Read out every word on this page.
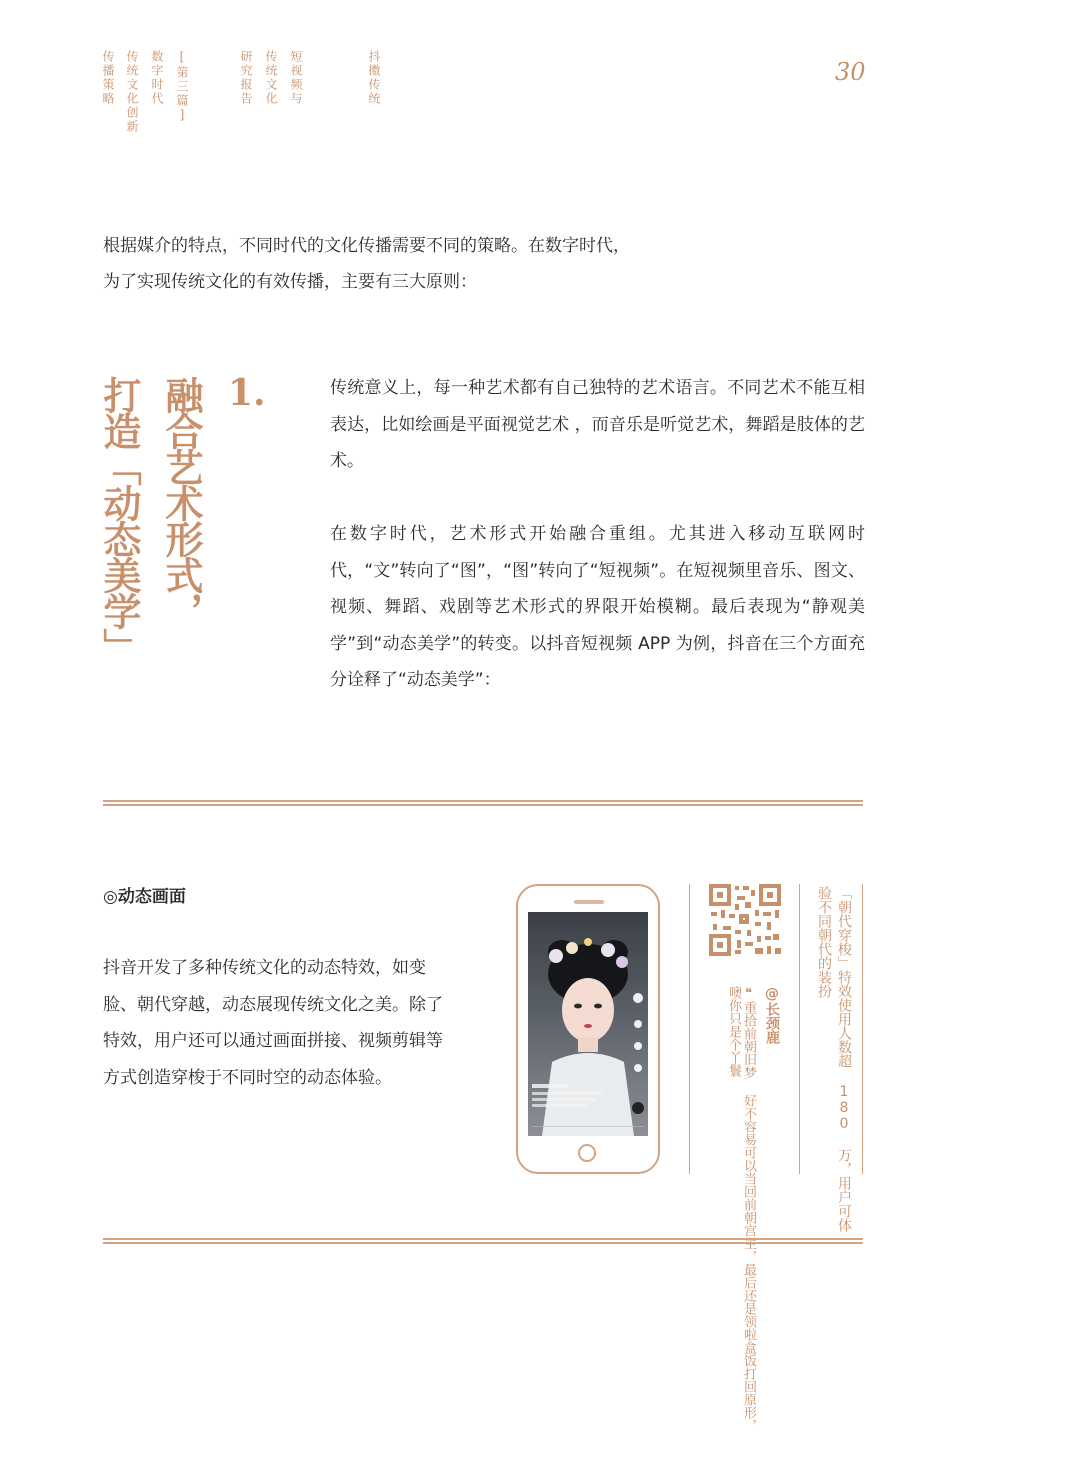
传播策略 传统文化创新 数字时代 [第三篇]	研究报告 传统文化 短视频与	抖擞传统	30
根据媒介的特点，不同时代的文化传播需要不同的策略。在数字时代，
为了实现传统文化的有效传播，主要有三大原则：
1.
融合艺术形式，
打造「动态美学」	传统意义上，每一种艺术都有自己独特的艺术语言。不同艺术不能互相表达，比如绘画是平面视觉艺术 ，而音乐是听觉艺术，舞蹈是肢体的艺术。
在数字时代，艺术形式开始融合重组。尤其进入移动互联网时代，“文”转向了“图”，“图”转向了“短视频”。在短视频里音乐、图文、视频、舞蹈、戏剧等艺术形式的界限开始模糊。最后表现为“静观美学”到“动态美学”的转变。以抖音短视频 APP 为例，抖音在三个方面充分诠释了“动态美学”：
◎动态画面
抖音开发了多种传统文化的动态特效，如变脸、朝代穿越，动态展现传统文化之美。除了特效，用户还可以通过画面拼接、视频剪辑等方式创造穿梭于不同时空的动态体验。
@长颈鹿
❝重拾前朝旧梦 好不容易可以当回前朝宫主，最后还是领啦盒饭打回原形，
噢你只是个丫鬟	「朝代穿梭」特效使用人数超 180 万，用户可体
验不同朝代的装扮
